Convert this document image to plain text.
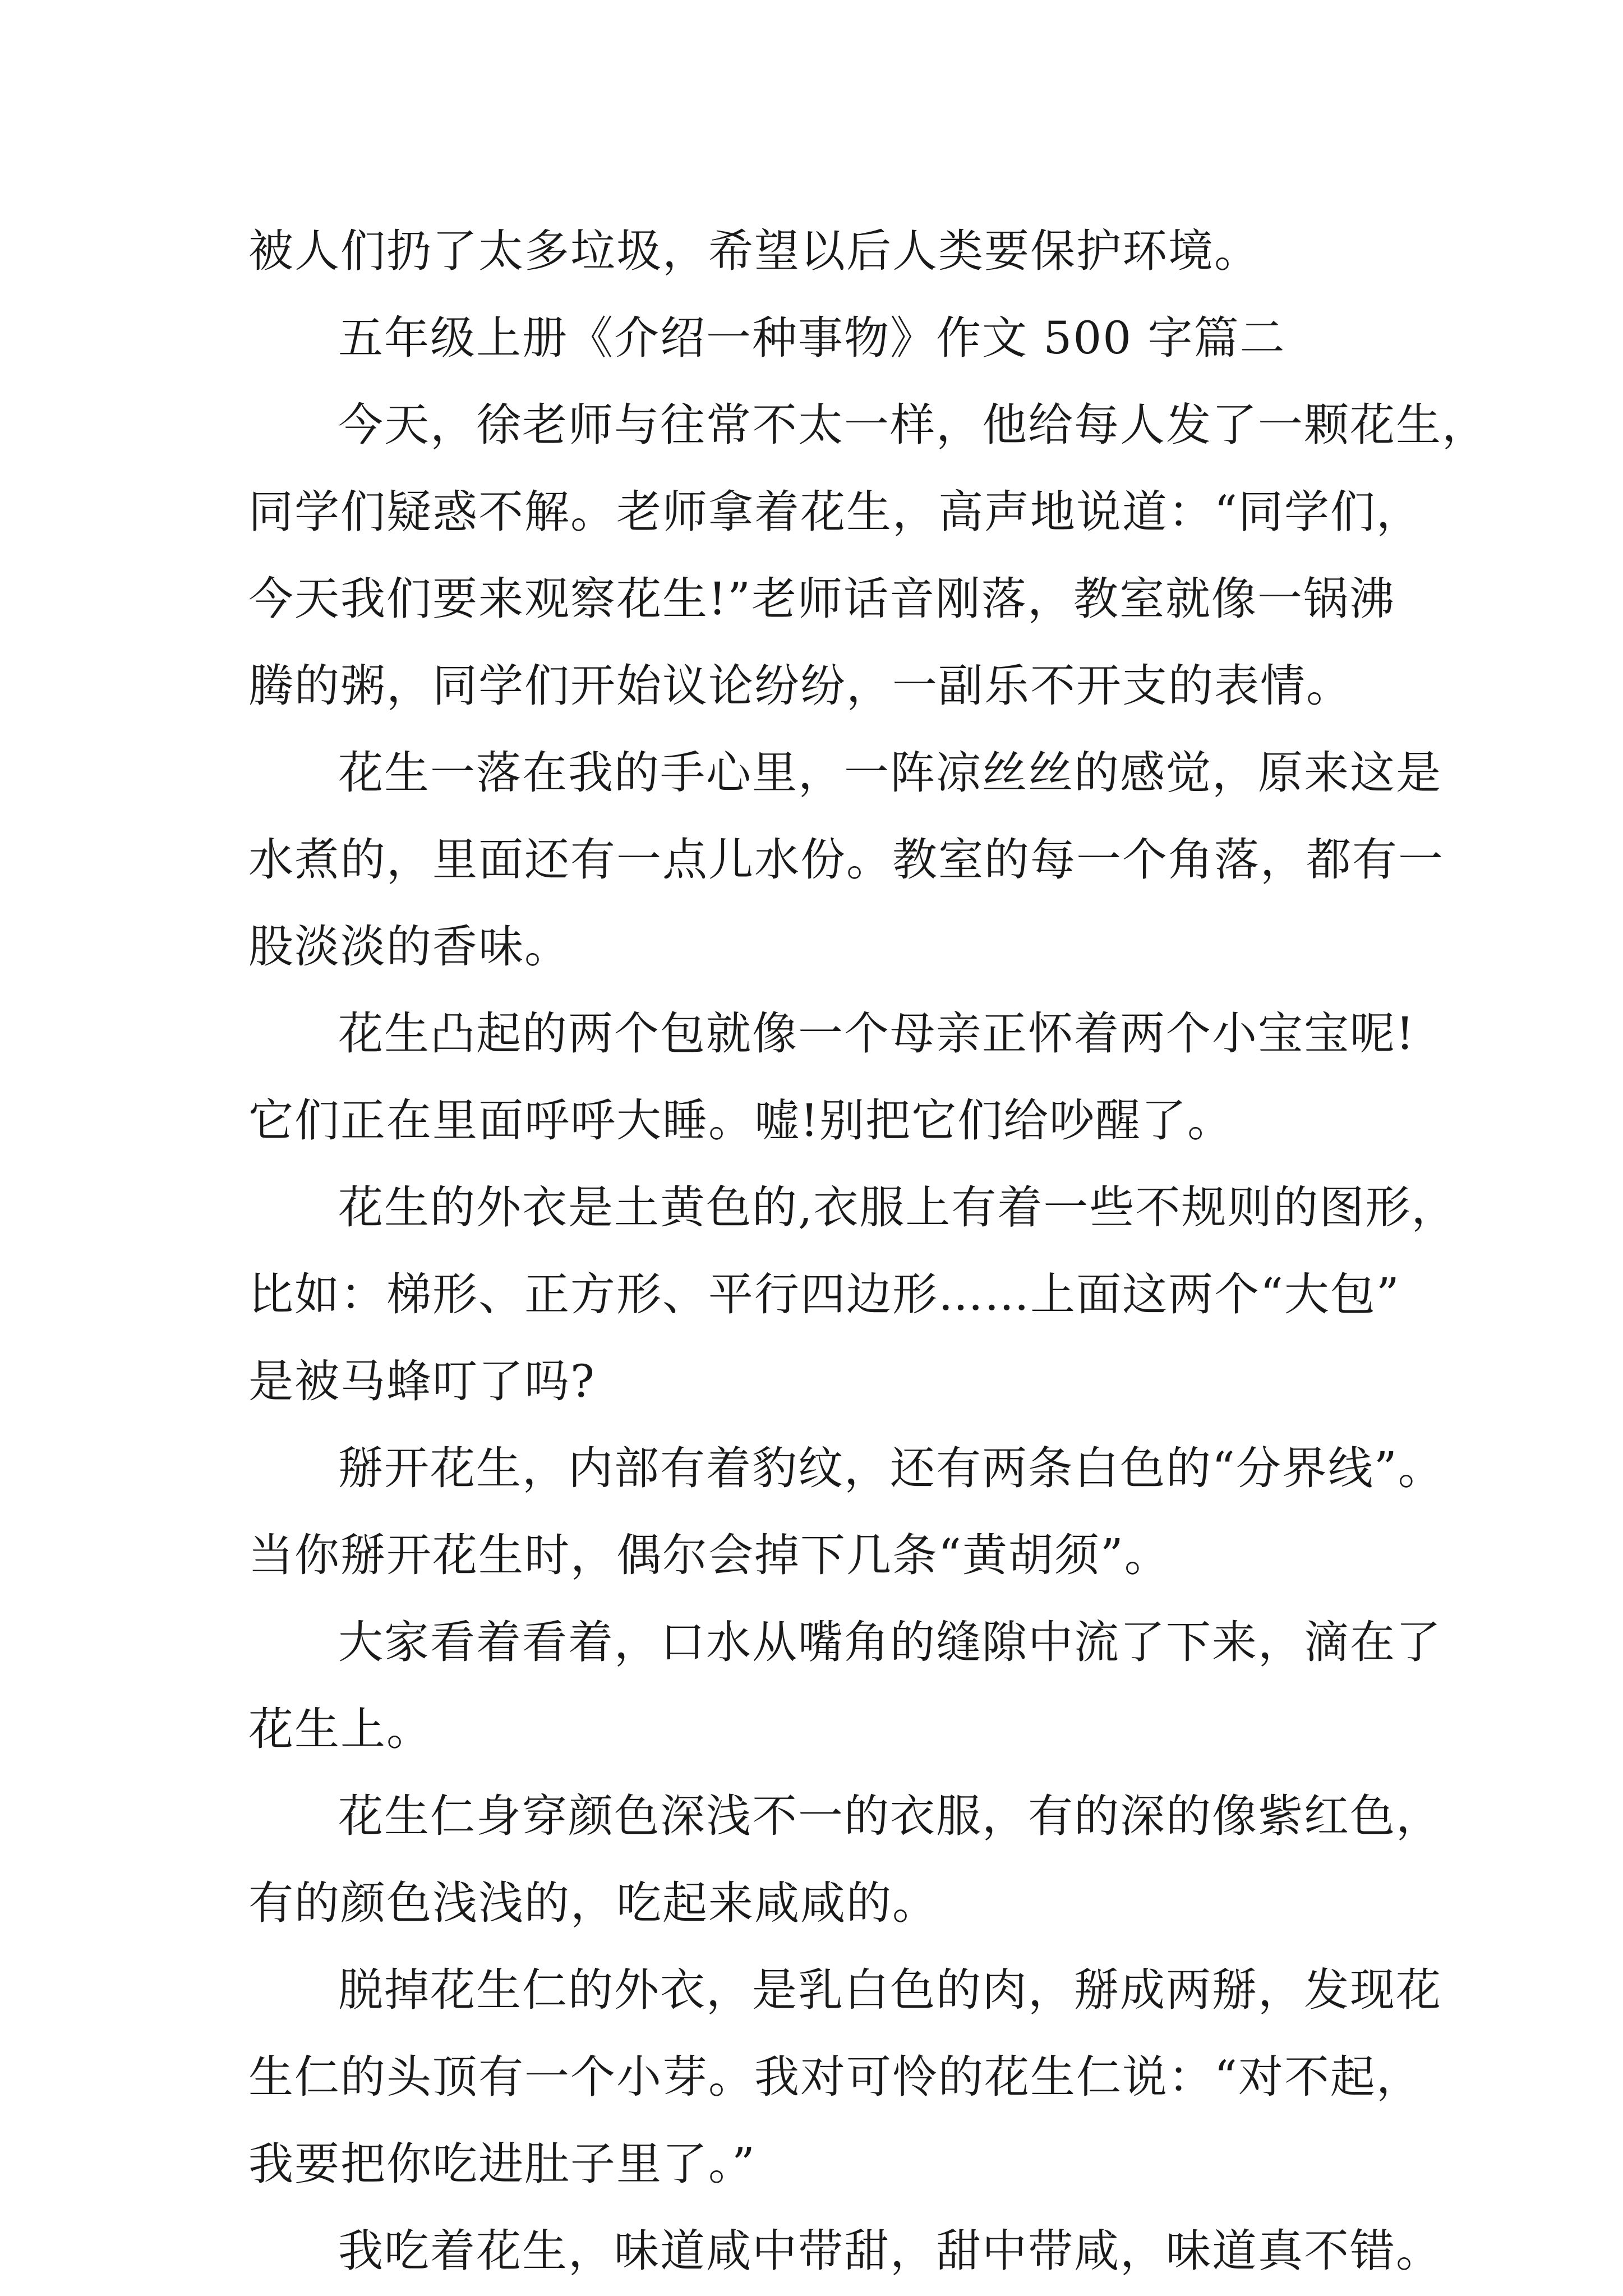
被人们扔了太多垃圾，希望以后人类要保护环境。
五年级上册《介绍一种事物》作文 500 字篇二
今天，徐老师与往常不太一样，他给每人发了一颗花生，
同学们疑惑不解。老师拿着花生，高声地说道：“同学们，
今天我们要来观察花生!”老师话音刚落，教室就像一锅沸
腾的粥，同学们开始议论纷纷，一副乐不开支的表情。
花生一落在我的手心里，一阵凉丝丝的感觉，原来这是
水煮的，里面还有一点儿水份。教室的每一个角落，都有一
股淡淡的香味。
花生凸起的两个包就像一个母亲正怀着两个小宝宝呢!
它们正在里面呼呼大睡。嘘!别把它们给吵醒了。
花生的外衣是土黄色的,衣服上有着一些不规则的图形，
比如：梯形、正方形、平行四边形……上面这两个“大包”
是被马蜂叮了吗?
掰开花生，内部有着豹纹，还有两条白色的“分界线”。
当你掰开花生时，偶尔会掉下几条“黄胡须”。
大家看着看着，口水从嘴角的缝隙中流了下来，滴在了
花生上。
花生仁身穿颜色深浅不一的衣服，有的深的像紫红色，
有的颜色浅浅的，吃起来咸咸的。
脱掉花生仁的外衣，是乳白色的肉，掰成两掰，发现花
生仁的头顶有一个小芽。我对可怜的花生仁说：“对不起，
我要把你吃进肚子里了。”
我吃着花生，味道咸中带甜，甜中带咸，味道真不错。
